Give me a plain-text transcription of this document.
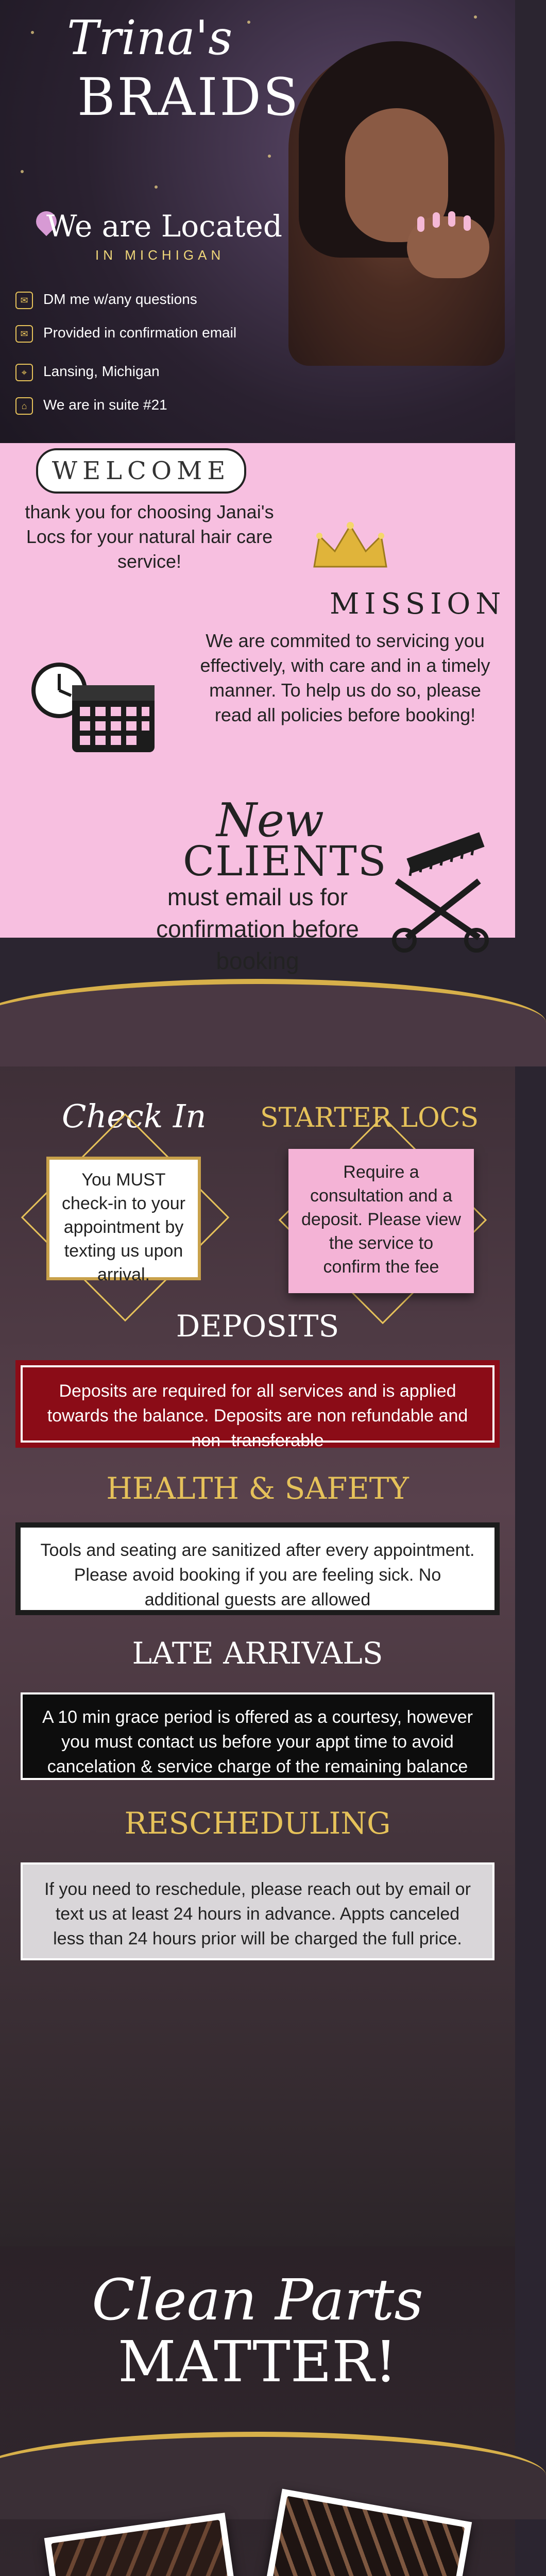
Trina's
BRAIDS
We are Located
IN MICHIGAN
✉ DM me w/any questions
✉ Provided in confirmation email
⌖ Lansing, Michigan
⌂ We are in suite #21
WELCOME
thank you for choosing Janai's Locs for your natural hair care service!
MISSION
We are commited to servicing you effectively, with care and in a timely manner. To help us do so, please read all policies before booking!
New
CLIENTS
must email us for confirmation before booking
Check In
You MUST check-in to your appointment by texting us upon arrival.
STARTER LOCS
Require a consultation and a deposit. Please view the service to confirm the fee
DEPOSITS
Deposits are required for all services and is applied towards the balance. Deposits are non refundable and non- transferable
HEALTH & SAFETY
Tools and seating are sanitized after every appointment. Please avoid booking if you are feeling sick. No additional guests are allowed
LATE ARRIVALS
A 10 min grace period is offered as a courtesy, however you must contact us before your appt time to avoid cancelation & service charge of the remaining balance
RESCHEDULING
If you need to reschedule, please reach out by email or text us at least 24 hours in advance. Appts canceled less than 24 hours prior will be charged the full price.
Clean Parts
MATTER!
